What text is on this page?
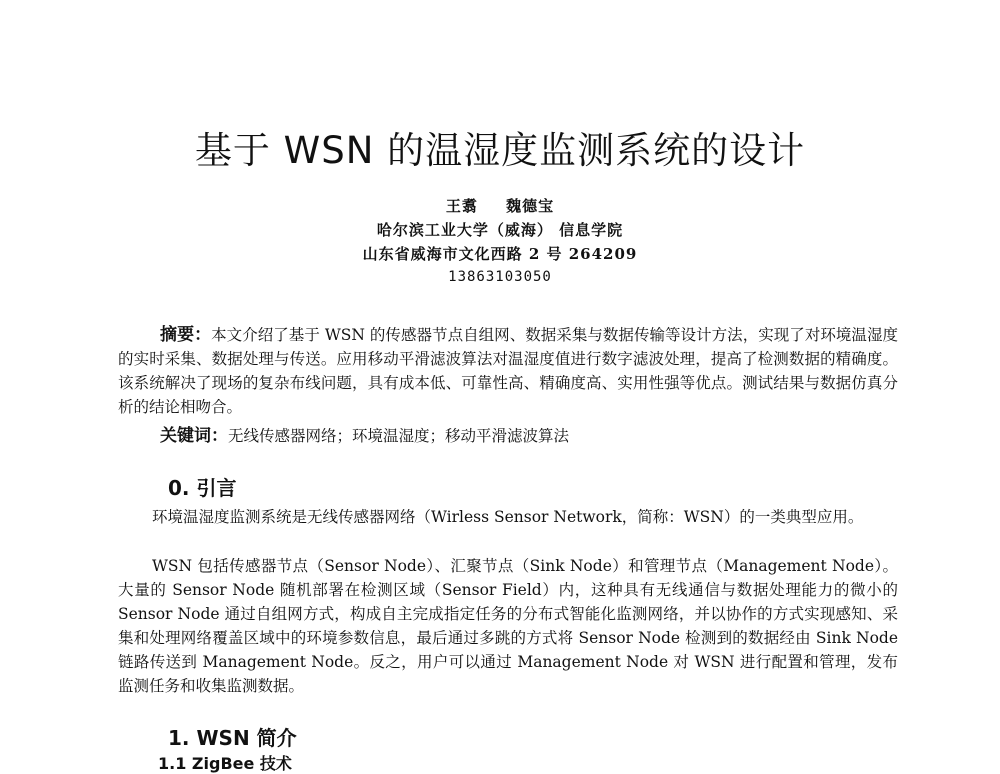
基于 WSN 的温湿度监测系统的设计
王翥 魏德宝
哈尔滨工业大学（威海） 信息学院
山东省威海市文化西路 2 号 264209
13863103050
摘要：本文介绍了基于 WSN 的传感器节点自组网、数据采集与数据传输等设计方法，实现了对环境温湿度的实时采集、数据处理与传送。应用移动平滑滤波算法对温湿度值进行数字滤波处理，提高了检测数据的精确度。该系统解决了现场的复杂布线问题，具有成本低、可靠性高、精确度高、实用性强等优点。测试结果与数据仿真分析的结论相吻合。
关键词：无线传感器网络；环境温湿度；移动平滑滤波算法
0. 引言
环境温湿度监测系统是无线传感器网络（Wirless Sensor Network，简称：WSN）的一类典型应用。
WSN 包括传感器节点（Sensor Node）、汇聚节点（Sink Node）和管理节点（Management Node）。大量的 Sensor Node 随机部署在检测区域（Sensor Field）内，这种具有无线通信与数据处理能力的微小的 Sensor Node 通过自组网方式，构成自主完成指定任务的分布式智能化监测网络，并以协作的方式实现感知、采集和处理网络覆盖区域中的环境参数信息，最后通过多跳的方式将 Sensor Node 检测到的数据经由 Sink Node 链路传送到 Management Node。反之，用户可以通过 Management Node 对 WSN 进行配置和管理，发布监测任务和收集监测数据。
1. WSN 简介
1.1 ZigBee 技术
